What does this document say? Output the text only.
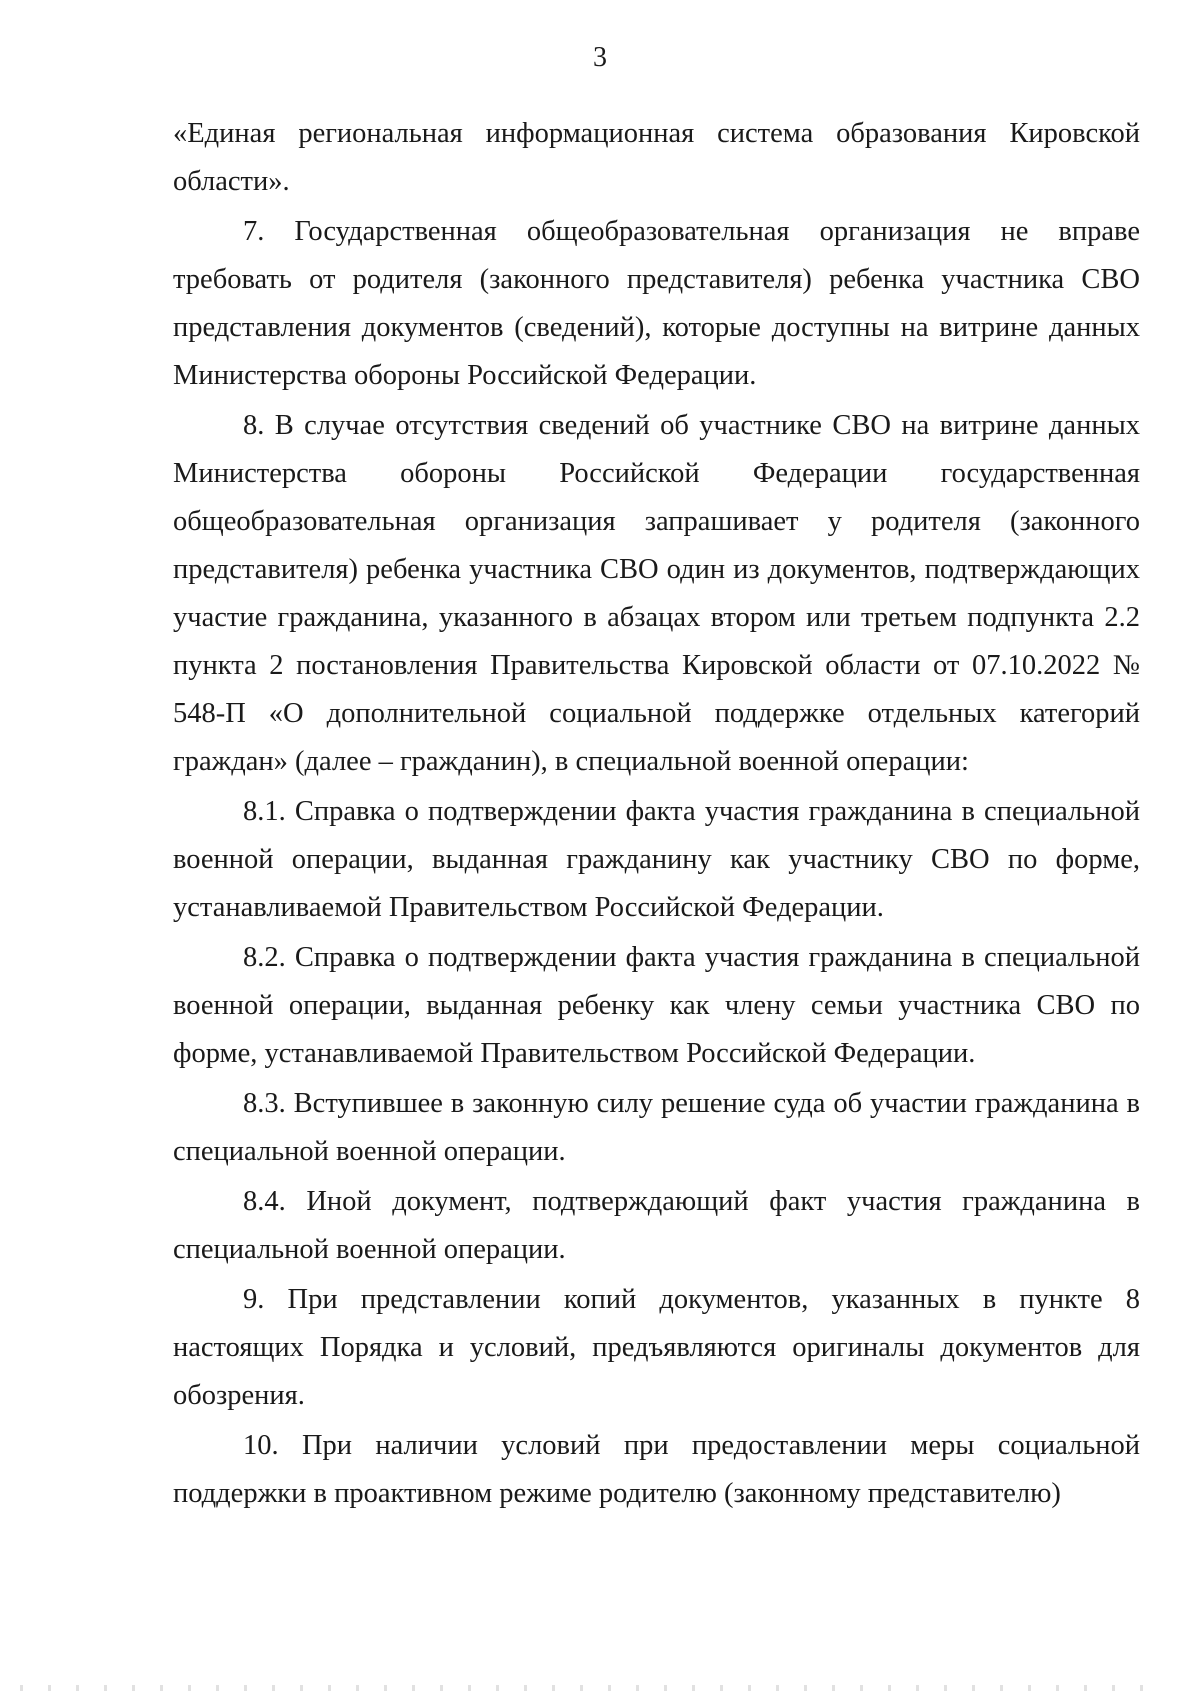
3

«Единая региональная информационная система образования Кировской области».

7. Государственная общеобразовательная организация не вправе требовать от родителя (законного представителя) ребенка участника СВО представления документов (сведений), которые доступны на витрине данных Министерства обороны Российской Федерации.

8. В случае отсутствия сведений об участнике СВО на витрине данных Министерства обороны Российской Федерации государственная общеобразовательная организация запрашивает у родителя (законного представителя) ребенка участника СВО один из документов, подтверждающих участие гражданина, указанного в абзацах втором или третьем подпункта 2.2 пункта 2 постановления Правительства Кировской области от 07.10.2022 № 548-П «О дополнительной социальной поддержке отдельных категорий граждан» (далее – гражданин), в специальной военной операции:

8.1. Справка о подтверждении факта участия гражданина в специальной военной операции, выданная гражданину как участнику СВО по форме, устанавливаемой Правительством Российской Федерации.

8.2. Справка о подтверждении факта участия гражданина в специальной военной операции, выданная ребенку как члену семьи участника СВО по форме, устанавливаемой Правительством Российской Федерации.

8.3. Вступившее в законную силу решение суда об участии гражданина в специальной военной операции.

8.4. Иной документ, подтверждающий факт участия гражданина в специальной военной операции.

9. При представлении копий документов, указанных в пункте 8 настоящих Порядка и условий, предъявляются оригиналы документов для обозрения.

10. При наличии условий при предоставлении меры социальной поддержки в проактивном режиме родителю (законному представителю)
